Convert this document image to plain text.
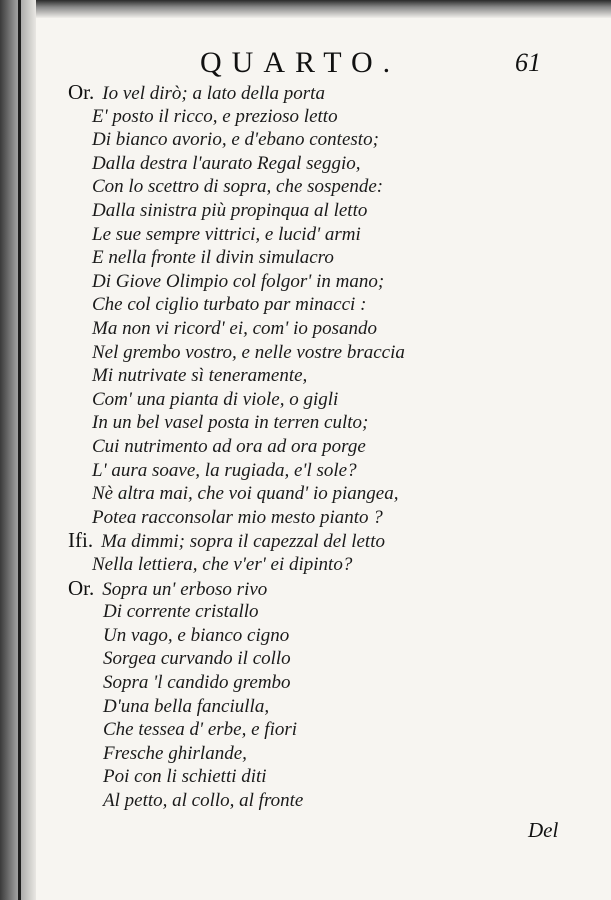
QUARTO.	61
Or. Io vel dirò; a lato della porta
E' posto il ricco, e prezioso letto
Di bianco avorio, e d'ebano contesto;
Dalla destra l'aurato Regal seggio,
Con lo scettro di sopra, che sospende:
Dalla sinistra più propinqua al letto
Le sue sempre vittrici, e lucid' armi
E nella fronte il divin simulacro
Di Giove Olimpio col folgor' in mano;
Che col ciglio turbato par minacci :
Ma non vi ricord' ei, com' io posando
Nel grembo vostro, e nelle vostre braccia
Mi nutrivate sì teneramente,
Com' una pianta di viole, o gigli
In un bel vasel posta in terren culto;
Cui nutrimento ad ora ad ora porge
L' aura soave, la rugiada, e'l sole?
Nè altra mai, che voi quand' io piangea,
Potea racconsolar mio mesto pianto ?
Ifi. Ma dimmi; sopra il capezzal del letto
Nella lettiera, che v'er' ei dipinto?
Or. Sopra un' erboso rivo
Di corrente cristallo
Un vago, e bianco cigno
Sorgea curvando il collo
Sopra 'l candido grembo
D'una bella fanciulla,
Che tessea d' erbe, e fiori
Fresche ghirlande,
Poi con li schietti diti
Al petto, al collo, al fronte
Del
